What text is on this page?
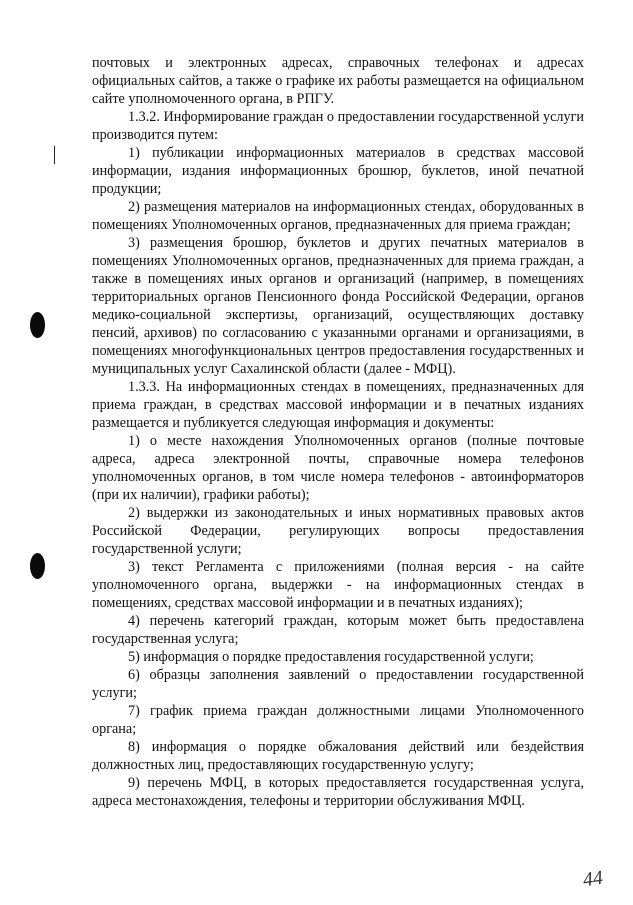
почтовых и электронных адресах, справочных телефонах и адресах официальных сайтов, а также о графике их работы размещается на официальном сайте уполномоченного органа, в РПГУ.

1.3.2. Информирование граждан о предоставлении государственной услуги производится путем:

1) публикации информационных материалов в средствах массовой информации, издания информационных брошюр, буклетов, иной печатной продукции;

2) размещения материалов на информационных стендах, оборудованных в помещениях Уполномоченных органов, предназначенных для приема граждан;

3) размещения брошюр, буклетов и других печатных материалов в помещениях Уполномоченных органов, предназначенных для приема граждан, а также в помещениях иных органов и организаций (например, в помещениях территориальных органов Пенсионного фонда Российской Федерации, органов медико-социальной экспертизы, организаций, осуществляющих доставку пенсий, архивов) по согласованию с указанными органами и организациями, в помещениях многофункциональных центров предоставления государственных и муниципальных услуг Сахалинской области (далее - МФЦ).

1.3.3. На информационных стендах в помещениях, предназначенных для приема граждан, в средствах массовой информации и в печатных изданиях размещается и публикуется следующая информация и документы:

1) о месте нахождения Уполномоченных органов (полные почтовые адреса, адреса электронной почты, справочные номера телефонов уполномоченных органов, в том числе номера телефонов - автоинформаторов (при их наличии), графики работы);

2) выдержки из законодательных и иных нормативных правовых актов Российской Федерации, регулирующих вопросы предоставления государственной услуги;

3) текст Регламента с приложениями (полная версия - на сайте уполномоченного органа, выдержки - на информационных стендах в помещениях, средствах массовой информации и в печатных изданиях);

4) перечень категорий граждан, которым может быть предоставлена государственная услуга;

5) информация о порядке предоставления государственной услуги;

6) образцы заполнения заявлений о предоставлении государственной услуги;

7) график приема граждан должностными лицами Уполномоченного органа;

8) информация о порядке обжалования действий или бездействия должностных лиц, предоставляющих государственную услугу;

9) перечень МФЦ, в которых предоставляется государственная услуга, адреса местонахождения, телефоны и территории обслуживания МФЦ.

44
